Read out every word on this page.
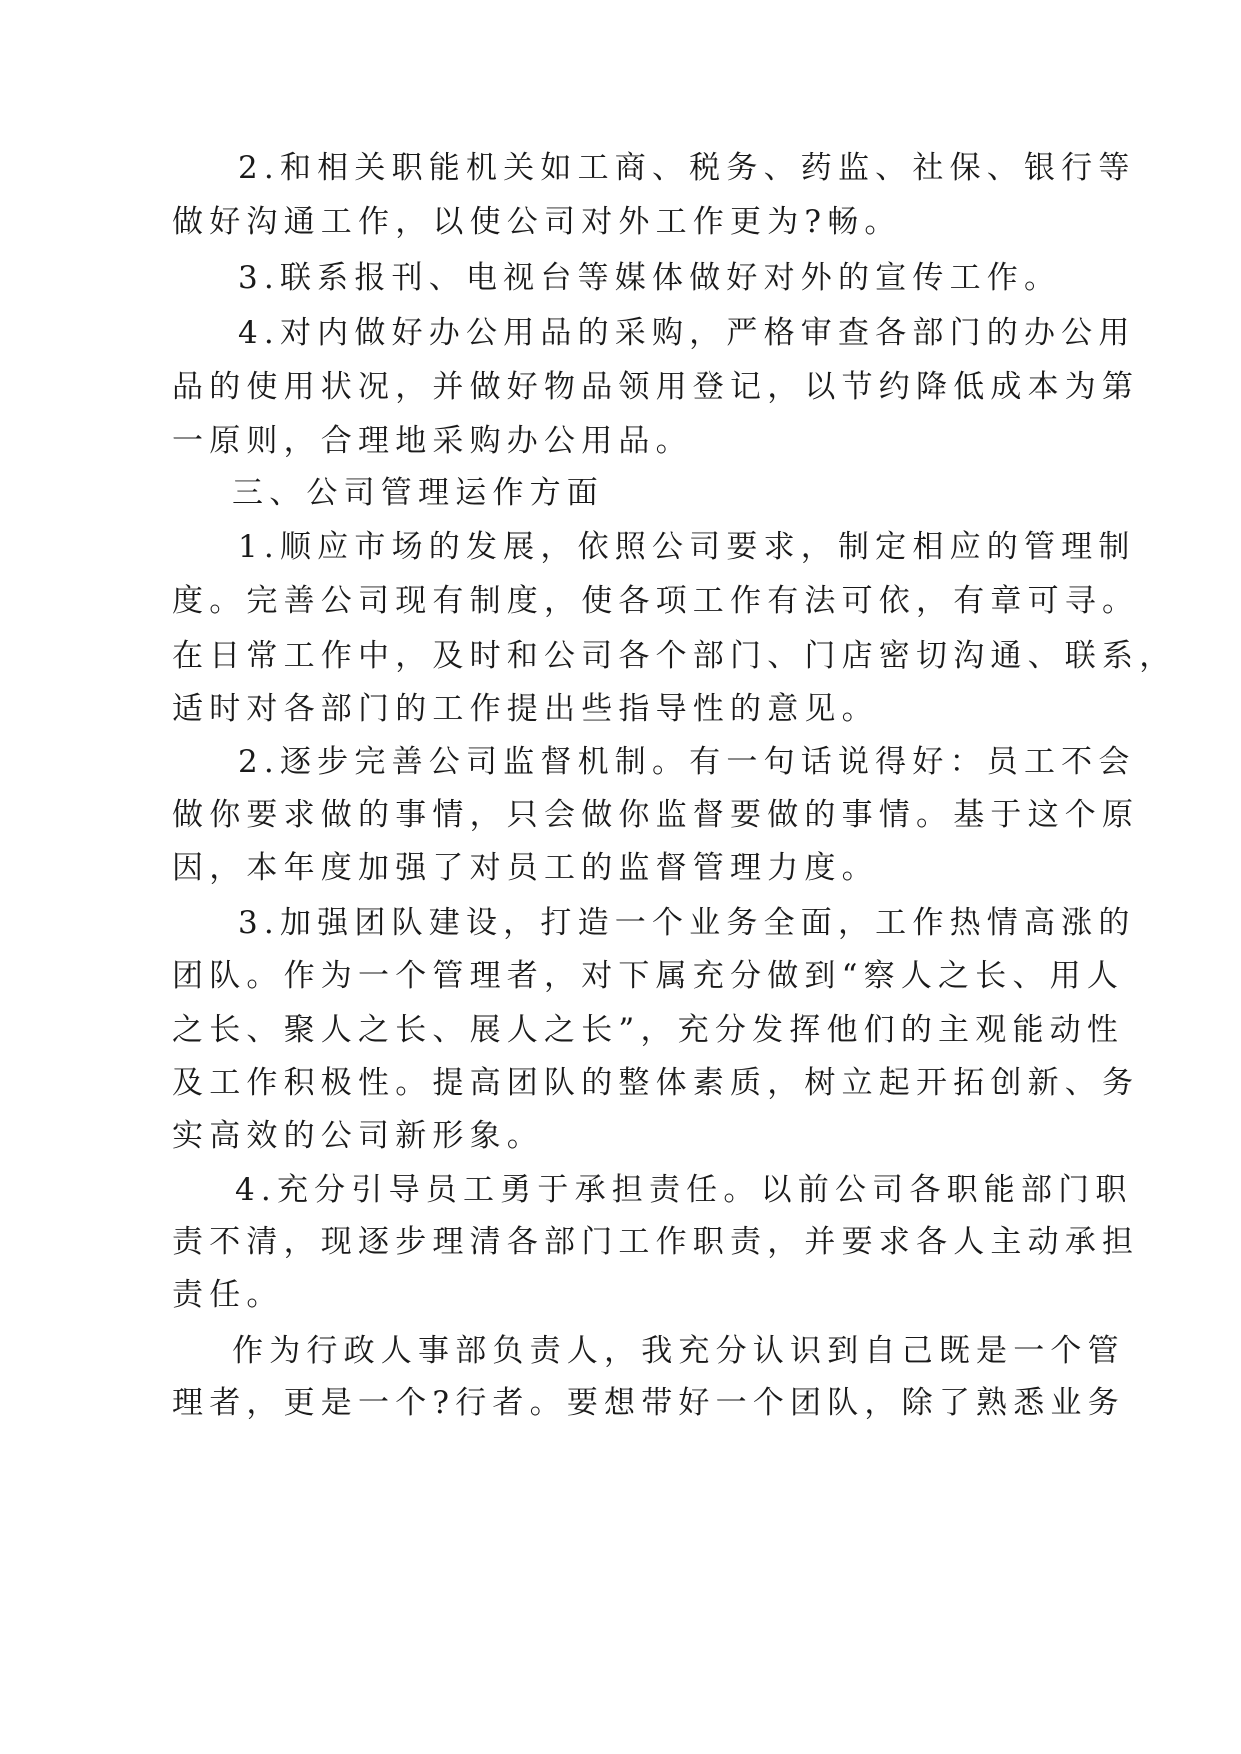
2.和相关职能机关如工商、税务、药监、社保、银行等
做好沟通工作，以使公司对外工作更为?畅。
3.联系报刊、电视台等媒体做好对外的宣传工作。
4.对内做好办公用品的采购，严格审查各部门的办公用
品的使用状况，并做好物品领用登记，以节约降低成本为第
一原则，合理地采购办公用品。
三、公司管理运作方面
1.顺应市场的发展，依照公司要求，制定相应的管理制
度。完善公司现有制度，使各项工作有法可依，有章可寻。
在日常工作中，及时和公司各个部门、门店密切沟通、联系，
适时对各部门的工作提出些指导性的意见。
2.逐步完善公司监督机制。有一句话说得好：员工不会
做你要求做的事情，只会做你监督要做的事情。基于这个原
因，本年度加强了对员工的监督管理力度。
3.加强团队建设，打造一个业务全面，工作热情高涨的
团队。作为一个管理者，对下属充分做到“察人之长、用人
之长、聚人之长、展人之长”，充分发挥他们的主观能动性
及工作积极性。提高团队的整体素质，树立起开拓创新、务
实高效的公司新形象。
4.充分引导员工勇于承担责任。以前公司各职能部门职
责不清，现逐步理清各部门工作职责，并要求各人主动承担
责任。
作为行政人事部负责人，我充分认识到自己既是一个管
理者，更是一个?行者。要想带好一个团队，除了熟悉业务
